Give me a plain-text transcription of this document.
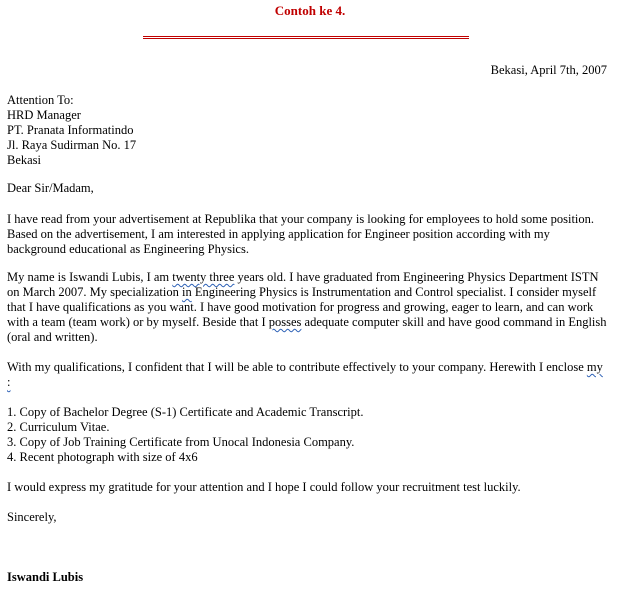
Contoh ke 4.
Bekasi, April 7th, 2007
Attention To:
HRD Manager
PT. Pranata Informatindo
Jl. Raya Sudirman No. 17
Bekasi
Dear Sir/Madam,
I have read from your advertisement at Republika that your company is looking for employees to hold some position.
Based on the advertisement, I am interested in applying application for Engineer position according with my
background educational as Engineering Physics.
My name is Iswandi Lubis, I am twenty three years old. I have graduated from Engineering Physics Department ISTN
on March 2007. My specialization in Engineering Physics is Instrumentation and Control specialist. I consider myself
that I have qualifications as you want. I have good motivation for progress and growing, eager to learn, and can work
with a team (team work) or by myself. Beside that I posses adequate computer skill and have good command in English
(oral and written).
With my qualifications, I confident that I will be able to contribute effectively to your company. Herewith I enclose my
:
1. Copy of Bachelor Degree (S-1) Certificate and Academic Transcript.
2. Curriculum Vitae.
3. Copy of Job Training Certificate from Unocal Indonesia Company.
4. Recent photograph with size of 4x6
I would express my gratitude for your attention and I hope I could follow your recruitment test luckily.
Sincerely,
Iswandi Lubis
